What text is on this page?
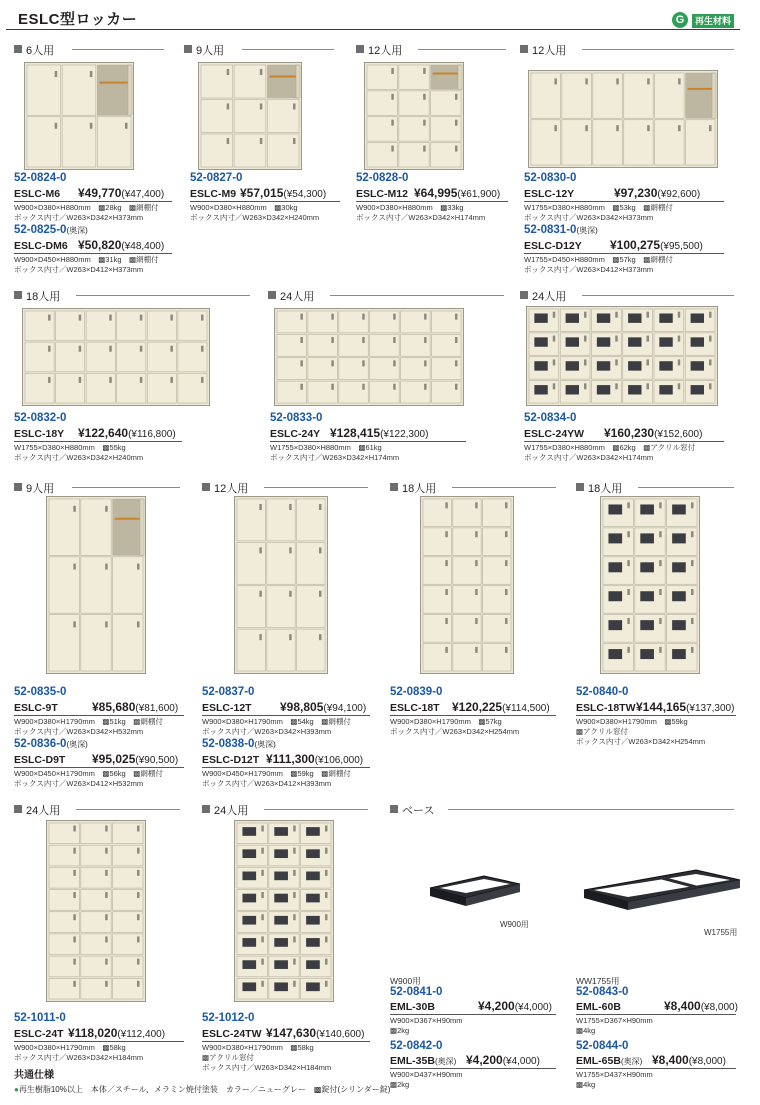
ESLC型ロッカー	G	再生材料
6人用	9人用	12人用	12人用
18人用	24人用	24人用
9人用	12人用	18人用	18人用
24人用	24人用	ベース
W900用
W1755用
52-0824-0
ESLC-M6 ¥49,770(¥47,400)
W900×D380×H880mm　▩28kg　▩網棚付
ボックス内寸／W263×D342×H373mm
52-0825-0(奥深)
ESLC-DM6 ¥50,820(¥48,400)
W900×D450×H880mm　▩31kg　▩網棚付
ボックス内寸／W263×D412×H373mm
52-0827-0
ESLC-M9 ¥57,015(¥54,300)
W900×D380×H880mm　▩30kg
ボックス内寸／W263×D342×H240mm
52-0828-0
ESLC-M12 ¥64,995(¥61,900)
W900×D380×H880mm　▩33kg
ボックス内寸／W263×D342×H174mm
52-0830-0
ESLC-12Y	¥97,230(¥92,600)
W1755×D380×H880mm　▩53kg　▩網棚付
ボックス内寸／W263×D342×H373mm
52-0831-0(奥深)
ESLC-D12Y ¥100,275(¥95,500)
W1755×D450×H880mm　▩57kg　▩網棚付
ボックス内寸／W263×D412×H373mm
52-0832-0
ESLC-18Y ¥122,640(¥116,800)
W1755×D380×H880mm　▩55kg
ボックス内寸／W263×D342×H240mm
52-0833-0
ESLC-24Y ¥128,415(¥122,300)
W1755×D380×H880mm　▩61kg
ボックス内寸／W263×D342×H174mm
52-0834-0
ESLC-24YW ¥160,230(¥152,600)
W1755×D380×H880mm　▩62kg　▩アクリル窓付
ボックス内寸／W263×D342×H174mm
52-0835-0
ESLC-9T	¥85,680(¥81,600)
W900×D380×H1790mm　▩51kg　▩網棚付
ボックス内寸／W263×D342×H532mm
52-0836-0(奥深)
ESLC-D9T ¥95,025(¥90,500)
W900×D450×H1790mm　▩56kg　▩網棚付
ボックス内寸／W263×D412×H532mm
52-0837-0
ESLC-12T ¥98,805(¥94,100)
W900×D380×H1790mm　▩54kg　▩網棚付
ボックス内寸／W263×D342×H393mm
52-0838-0(奥深)
ESLC-D12T ¥111,300(¥106,000)
W900×D450×H1790mm　▩59kg　▩網棚付
ボックス内寸／W263×D412×H393mm
52-0839-0
ESLC-18T ¥120,225(¥114,500)
W900×D380×H1790mm　▩57kg
ボックス内寸／W263×D342×H254mm
52-0840-0
ESLC-18TW ¥144,165(¥137,300)
W900×D380×H1790mm　▩59kg
▩アクリル窓付
ボックス内寸／W263×D342×H254mm
52-1011-0
ESLC-24T ¥118,020(¥112,400)
W900×D380×H1790mm　▩58kg
ボックス内寸／W263×D342×H184mm
52-1012-0
ESLC-24TW ¥147,630(¥140,600)
W900×D380×H1790mm　▩58kg
▩アクリル窓付
ボックス内寸／W263×D342×H184mm
W900用
52-0841-0
EML-30B	¥4,200(¥4,000)
W900×D367×H90mm
▩2kg
52-0842-0
EML-35B(奥深) ¥4,200(¥4,000)
W900×D437×H90mm
▩2kg
WW1755用
52-0843-0
EML-60B	¥8,400(¥8,000)
W1755×D367×H90mm
▩4kg
52-0844-0
EML-65B(奥深) ¥8,400(¥8,000)
W1755×D437×H90mm
▩4kg
共通仕様
●再生樹脂10%以上　本体／スチール、メラミン焼付塗装　カラー／ニューグレー　▩錠付(シリンダー錠)
